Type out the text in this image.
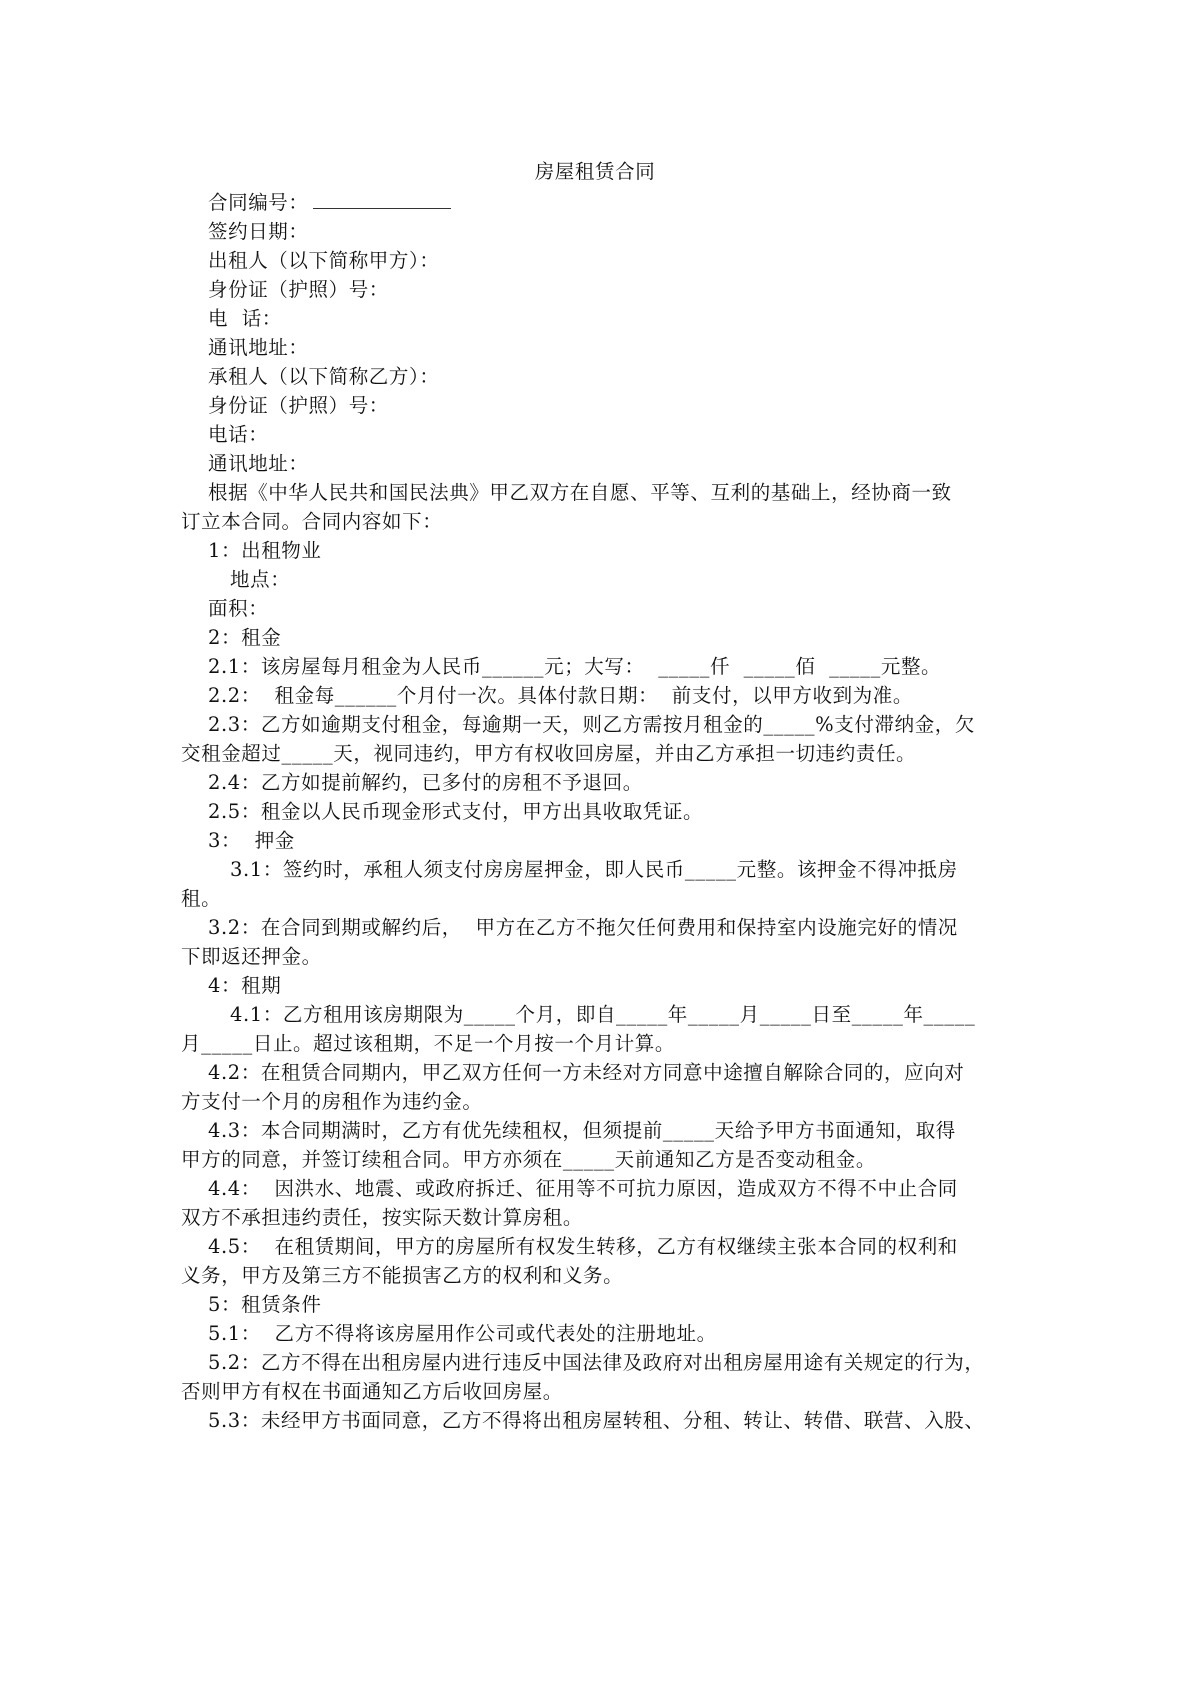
房屋租赁合同
合同编号：
签约日期：
出租人（以下简称甲方）：
身份证（护照）号：
电  话：
通讯地址：
承租人（以下简称乙方）：
身份证（护照）号：
电话：
通讯地址：
根据《中华人民共和国民法典》甲乙双方在自愿、平等、互利的基础上，经协商一致
订立本合同。合同内容如下：
1：出租物业
地点：
面积：
2：租金
2.1：该房屋每月租金为人民币______元；大写：  _____仟  _____佰  _____元整。
2.2：  租金每______个月付一次。具体付款日期：  前支付，以甲方收到为准。
2.3：乙方如逾期支付租金，每逾期一天，则乙方需按月租金的_____%支付滞纳金，欠
交租金超过_____天，视同违约，甲方有权收回房屋，并由乙方承担一切违约责任。
2.4：乙方如提前解约，已多付的房租不予退回。
2.5：租金以人民币现金形式支付，甲方出具收取凭证。
3：  押金
3.1：签约时，承租人须支付房房屋押金，即人民币_____元整。该押金不得冲抵房
租。
3.2：在合同到期或解约后，  甲方在乙方不拖欠任何费用和保持室内设施完好的情况
下即返还押金。
4：租期
4.1：乙方租用该房期限为_____个月，即自_____年_____月_____日至_____年_____
月_____日止。超过该租期，不足一个月按一个月计算。
4.2：在租赁合同期内，甲乙双方任何一方未经对方同意中途擅自解除合同的，应向对
方支付一个月的房租作为违约金。
4.3：本合同期满时，乙方有优先续租权，但须提前_____天给予甲方书面通知，取得
甲方的同意，并签订续租合同。甲方亦须在_____天前通知乙方是否变动租金。
4.4：  因洪水、地震、或政府拆迁、征用等不可抗力原因，造成双方不得不中止合同
双方不承担违约责任，按实际天数计算房租。
4.5：  在租赁期间，甲方的房屋所有权发生转移，乙方有权继续主张本合同的权利和
义务，甲方及第三方不能损害乙方的权利和义务。
5：租赁条件
5.1：  乙方不得将该房屋用作公司或代表处的注册地址。
5.2：乙方不得在出租房屋内进行违反中国法律及政府对出租房屋用途有关规定的行为，
否则甲方有权在书面通知乙方后收回房屋。
5.3：未经甲方书面同意，乙方不得将出租房屋转租、分租、转让、转借、联营、入股、
